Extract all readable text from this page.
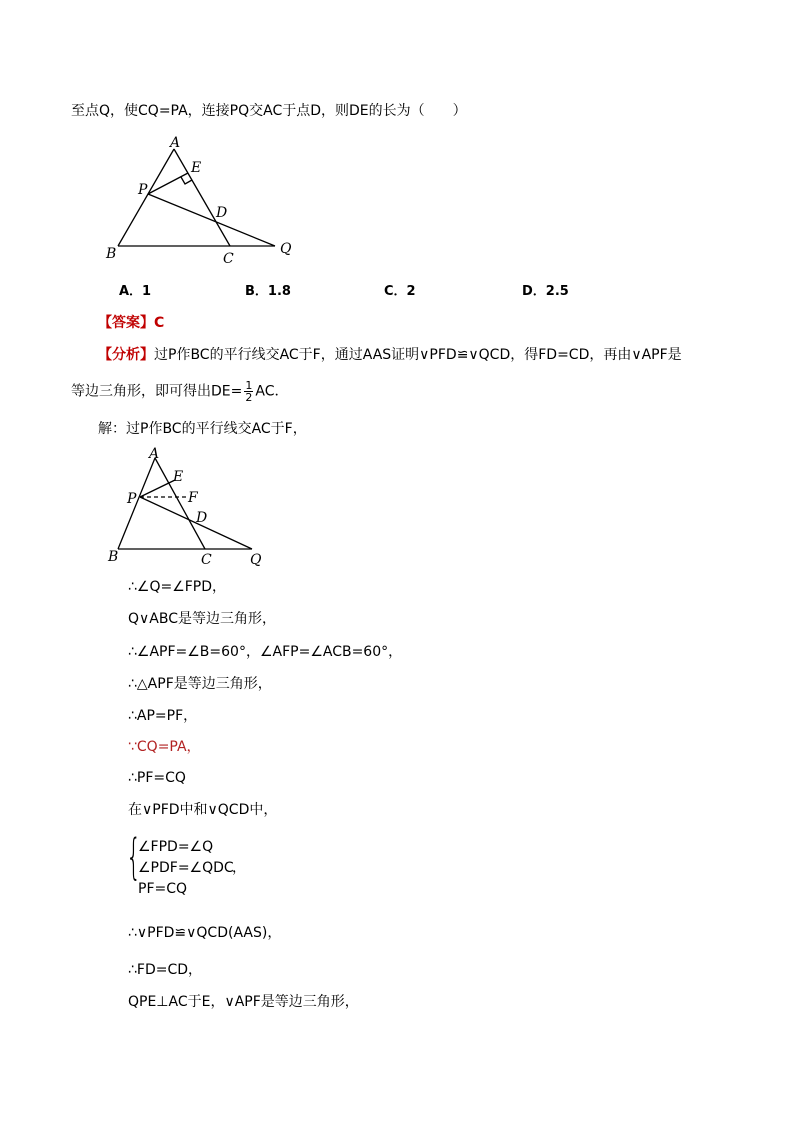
至点Q，使CQ=PA，连接PQ交AC于点D，则DE的长为（　　）
A
E
P
D
B	C
Q
A．1	B．1.8	C．2	D．2.5
【答案】C
【分析】过P作BC的平行线交AC于F，通过AAS证明∨PFD≌∨QCD，得FD=CD，再由∨APF是
等边三角形，即可得出$DE= \frac{1}{2}$ AC．
解：过P作BC的平行线交AC于F，
A
E
P	F
D
B	C	Q
∴∠Q=∠FPD，
Q∨ABC是等边三角形，
∴∠APF=∠B=60°，∠AFP=∠ACB=60°，
∴△APF是等边三角形，
∴AP=PF，
∵CQ=PA，
∴PF=CQ
在∨PFD中和∨QCD中，
{
∠FPD=∠Q
∠PDF=∠QDC
PF=CQ
，
∴∨PFD≌∨QCD(AAS)，
∴FD=CD，
QPE⊥AC于E，∨APF是等边三角形，
